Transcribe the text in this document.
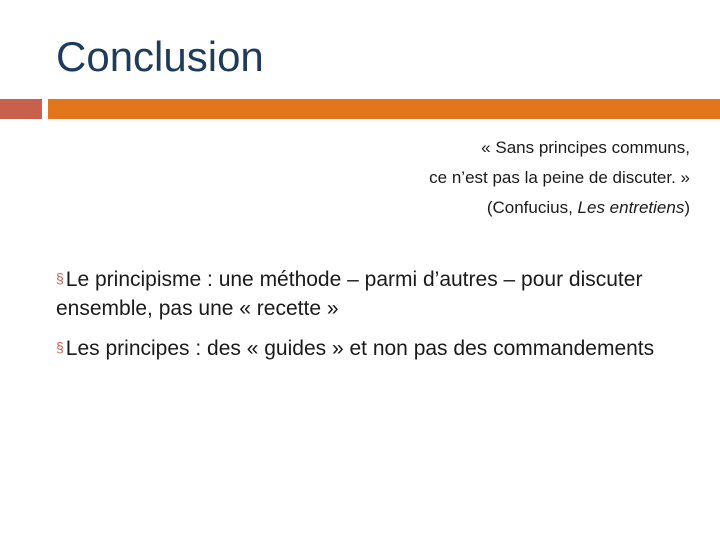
Conclusion
« Sans principes communs,
ce n’est pas la peine de discuter. »
(Confucius, Les entretiens)
§Le principisme : une méthode – parmi d’autres – pour discuter ensemble, pas une « recette »
§Les principes : des « guides » et non pas des commandements
